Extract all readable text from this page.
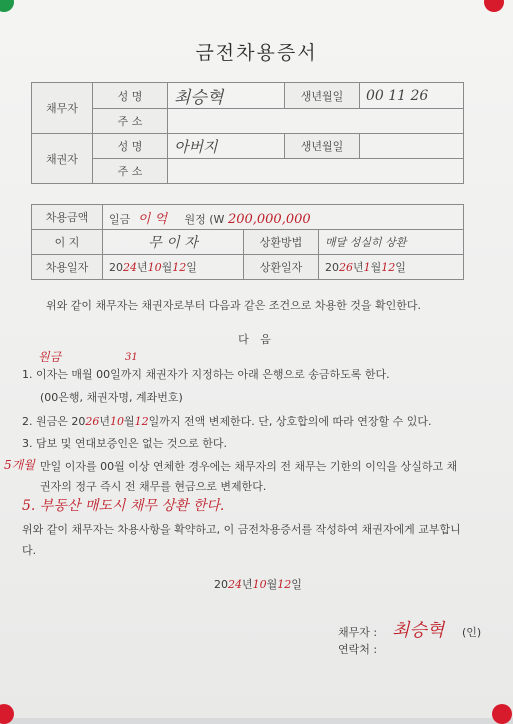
금전차용증서
채무자	성 명	최승혁	생년월일	00 11 26
	주 소			
채권자	성 명	아버지	생년월일	
	주 소			
차용금액	일금 이 억 원정 (W 200,000,000		
이 지	무 이 자	상환방법	매달 성실히 상환
차용일자	2024년10월12일	상환일자	2026년1월12일
위와 같이 채무자는 채권자로부터 다음과 같은 조건으로 차용한 것을 확인한다.
다 음
원금	31
1. 이자는 매월 00일까지 채권자가 지정하는 아래 은행으로 송금하도록 한다.
(00은행, 채권자명, 계좌번호)
2. 원금은 2026년10월12일까지 전액 변제한다. 단, 상호합의에 따라 연장할 수 있다.
3. 담보 및 연대보증인은 없는 것으로 한다.
5개월 만일 이자를 00월 이상 연체한 경우에는 채무자의 전 채무는 기한의 이익을 상실하고 채
권자의 정구 즉시 전 채무를 현금으로 변제한다.
5. 부동산 매도시 채무 상환 한다.
위와 같이 채무자는 차용사항을 확약하고, 이 금전차용증서를 작성하여 채권자에게 교부합니
다.
2024년10월12일
채무자 : 최승혁 (인)
연락처 :
